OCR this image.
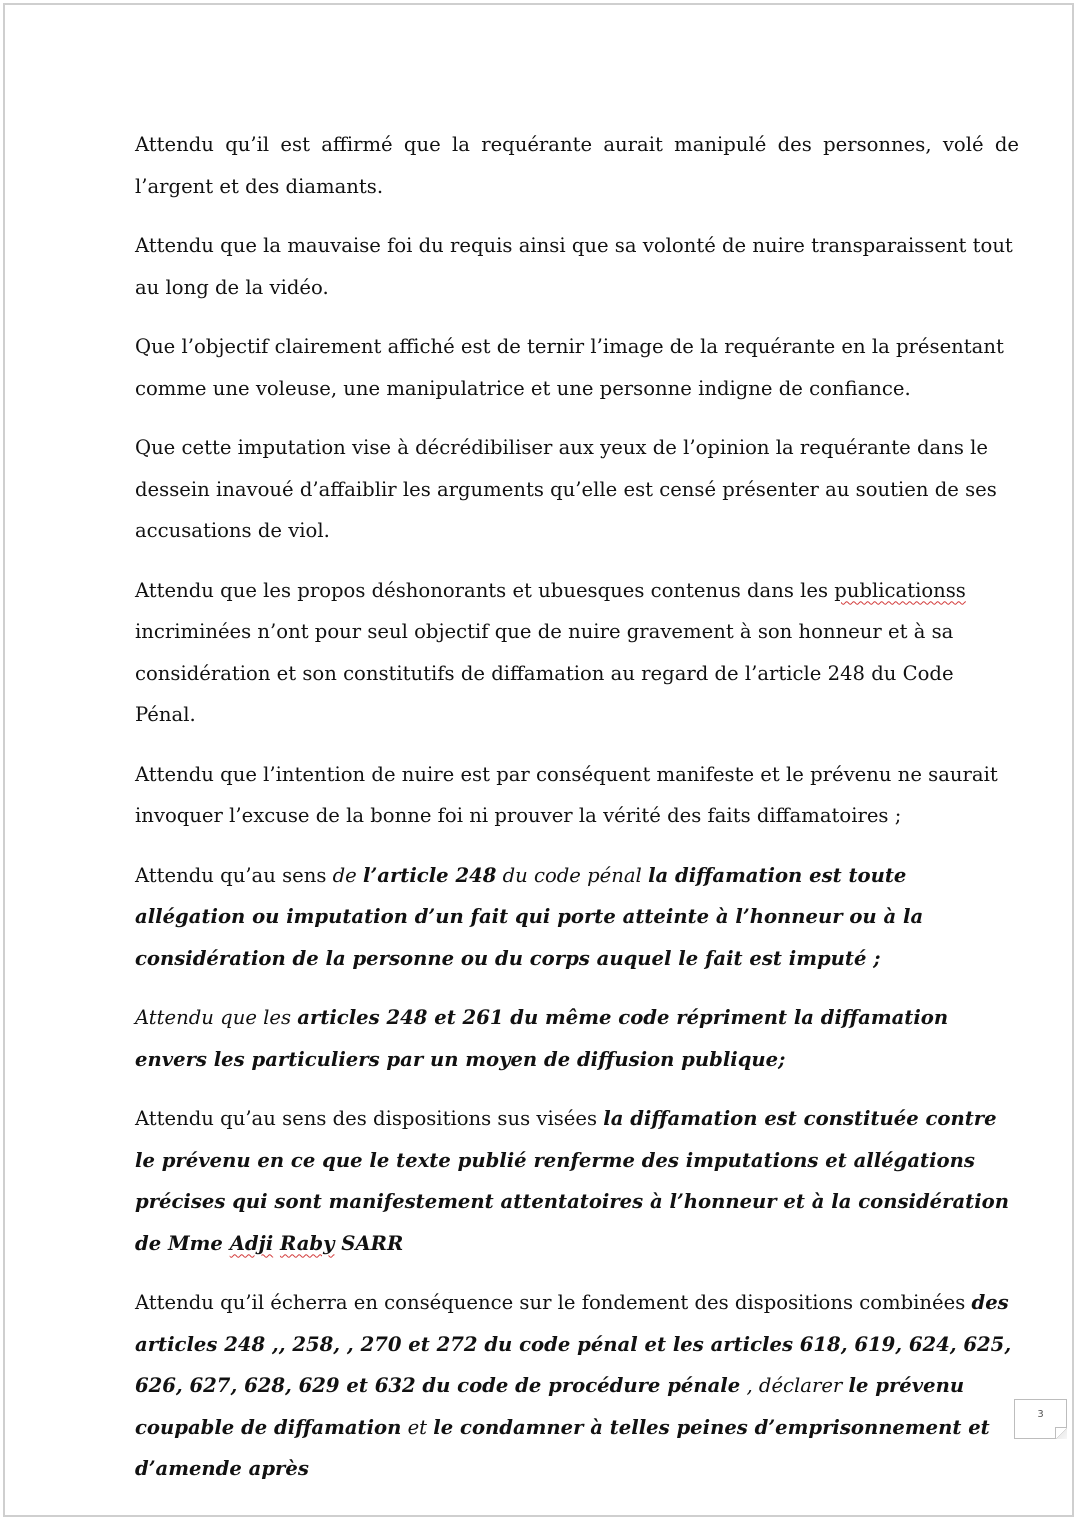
Attendu qu’il est affirmé que la requérante aurait manipulé des personnes, volé de l’argent et des diamants.

Attendu que la mauvaise foi du requis ainsi que sa volonté de nuire transparaissent tout au long de la vidéo.

Que l’objectif clairement affiché est de ternir l’image de la requérante en la présentant comme une voleuse, une manipulatrice et une personne indigne de confiance.

Que cette imputation vise à décrédibiliser aux yeux de l’opinion la requérante dans le dessein inavoué d’affaiblir les arguments qu’elle est censé présenter au soutien de ses accusations de viol.

Attendu que les propos déshonorants et ubuesques contenus dans les publicationss incriminées n’ont pour seul objectif que de nuire gravement à son honneur et à sa considération et son constitutifs de diffamation au regard de l’article 248 du Code Pénal.

Attendu que l’intention de nuire est par conséquent manifeste et le prévenu ne saurait invoquer l’excuse de la bonne foi ni prouver la vérité des faits diffamatoires ;

Attendu qu’au sens de l’article 248 du code pénal la diffamation est toute allégation ou imputation d’un fait qui porte atteinte à l’honneur ou à la considération de la personne ou du corps auquel le fait est imputé ;

Attendu que les articles 248 et 261 du même code répriment la diffamation envers les particuliers par un moyen de diffusion publique;

Attendu qu’au sens des dispositions sus visées la diffamation est constituée contre le prévenu en ce que le texte publié renferme des imputations et allégations précises qui sont manifestement attentatoires à l’honneur et à la considération de Mme Adji Raby SARR

Attendu qu’il écherra en conséquence sur le fondement des dispositions combinées des articles 248 ,, 258, , 270 et 272 du code pénal et les articles 618, 619, 624, 625, 626, 627, 628, 629 et 632 du code de procédure pénale , déclarer le prévenu coupable de diffamation et le condamner à telles peines d’emprisonnement et d’amende après

3
